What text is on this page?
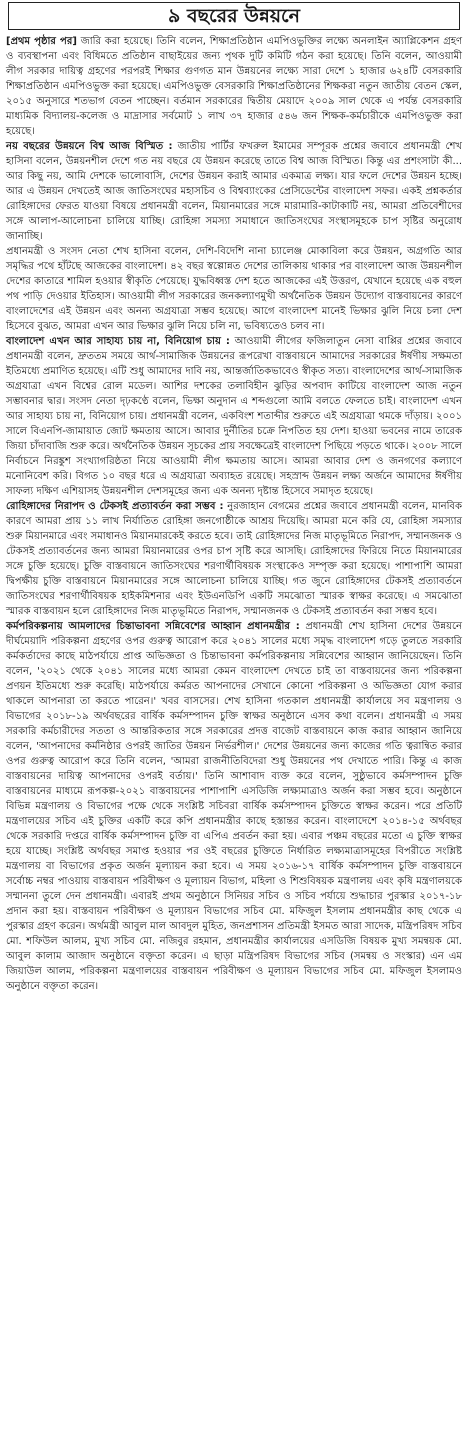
৯ বছরের উন্নয়নে

[প্রথম পৃষ্ঠার পর] জারি করা হয়েছে। তিনি বলেন, শিক্ষাপ্রতিষ্ঠান এমপিওভুক্তির লক্ষ্যে অনলাইন অ্যাপ্লিকেশন গ্রহণ ও ব্যবস্থাপনা এবং বিধিমতে প্রতিষ্ঠান বাছাইয়ের জন্য পৃথক দুটি কমিটি গঠন করা হয়েছে। তিনি বলেন, আওয়ামী লীগ সরকার দায়িত্ব গ্রহণের পরপরই শিক্ষার গুণগত মান উন্নয়নের লক্ষ্যে সারা দেশে ১ হাজার ৬২৪টি বেসরকারি শিক্ষাপ্রতিষ্ঠান এমপিওভুক্ত করা হয়েছে। এমপিওভুক্ত বেসরকারি শিক্ষাপ্রতিষ্ঠানের শিক্ষকরা নতুন জাতীয় বেতন স্কেল, ২০১৫ অনুসারে শতভাগ বেতন পাচ্ছেন। বর্তমান সরকারের দ্বিতীয় মেয়াদে ২০০৯ সাল থেকে এ পর্যন্ত বেসরকারি মাধ্যমিক বিদ্যালয়-কলেজ ও মাদ্রাসার সর্বমোট ১ লাখ ৩৭ হাজার ৫৪৬ জন শিক্ষক-কর্মচারীকে এমপিওভুক্ত করা হয়েছে।

নয় বছরের উন্নয়নে বিশ্ব আজ বিস্মিত : জাতীয় পার্টির ফখরুল ইমামের সম্পূরক প্রশ্নের জবাবে প্রধানমন্ত্রী শেখ হাসিনা বলেন, উন্নয়নশীল দেশে গত নয় বছরে যে উন্নয়ন করেছে তাতে বিশ্ব আজ বিস্মিত। কিন্তু এর প্রশংসাটা কী... আর কিছু নয়, আমি দেশকে ভালোবাসি, দেশের উন্নয়ন করাই আমার একমাত্র লক্ষ্য। যার ফলে দেশের উন্নয়ন হচ্ছে। আর এ উন্নয়ন দেখতেই আজ জাতিসংঘের মহাসচিব ও বিশ্বব্যাংকের প্রেসিডেন্টের বাংলাদেশ সফর। একই প্রশ্নকর্তার রোহিঙ্গাদের ফেরত যাওয়া বিষয়ে প্রধানমন্ত্রী বলেন, মিয়ানমারের সঙ্গে মারামারি-কাটাকাটি নয়, আমরা প্রতিবেশীদের সঙ্গে আলাপ-আলোচনা চালিয়ে যাচ্ছি। রোহিঙ্গা সমস্যা সমাধানে জাতিসংঘের সংস্থাসমূহকে চাপ সৃষ্টির অনুরোধ জানাচ্ছি।

প্রধানমন্ত্রী ও সংসদ নেতা শেখ হাসিনা বলেন, দেশি-বিদেশি নানা চ্যালেঞ্জ মোকাবিলা করে উন্নয়ন, অগ্রগতি আর সমৃদ্ধির পথে হাঁটছে আজকের বাংলাদেশ। ৪২ বছর স্বল্পোন্নত দেশের তালিকায় থাকার পর বাংলাদেশ আজ উন্নয়নশীল দেশের কাতারে শামিল হওয়ার স্বীকৃতি পেয়েছে। যুদ্ধবিধ্বস্ত দেশ হতে আজকের এই উত্তরণ, যেখানে হয়েছে এক বহুল পথ পাড়ি দেওয়ার ইতিহাস। আওয়ামী লীগ সরকারের জনকল্যাণমুখী অর্থনৈতিক উন্নয়ন উদ্যোগ বাস্তবায়নের কারণে বাংলাদেশের এই উন্নয়ন এবং অনন্য অগ্রযাত্রা সম্ভব হয়েছে। আগে বাংলাদেশ মানেই ভিক্ষার ঝুলি নিয়ে চলা দেশ হিসেবে বুঝত, আমরা এখন আর ভিক্ষার ঝুলি নিয়ে চলি না, ভবিষ্যতেও চলব না।

বাংলাদেশ এখন আর সাহায্য চায় না, বিনিয়োগ চায় : আওয়ামী লীগের ফজিলাতুন নেসা বাপ্পির প্রশ্নের জবাবে প্রধানমন্ত্রী বলেন, দ্রুততম সময়ে আর্থ-সামাজিক উন্নয়নের রূপরেখা বাস্তবায়নে আমাদের সরকারের ঈর্ষণীয় সক্ষমতা ইতিমধ্যে প্রমাণিত হয়েছে। এটি শুধু আমাদের দাবি নয়, আন্তর্জাতিকভাবেও স্বীকৃত সত্য। বাংলাদেশের আর্থ-সামাজিক অগ্রযাত্রা এখন বিশ্বের রোল মডেল। আশির দশকের তলাবিহীন ঝুড়ির অপবাদ কাটিয়ে বাংলাদেশ আজ নতুন সম্ভাবনার দ্বার। সংসদ নেতা দৃঢ়কণ্ঠে বলেন, ভিক্ষা অনুদান এ শব্দগুলো আমি বলতে ফেলতে চাই। বাংলাদেশ এখন আর সাহায্য চায় না, বিনিয়োগ চায়। প্রধানমন্ত্রী বলেন, একবিংশ শতাব্দীর শুরুতে এই অগ্রযাত্রা থমকে দাঁড়ায়। ২০০১ সালে বিএনপি-জামায়াত জোট ক্ষমতায় আসে। আবার দুর্নীতির চক্রে নিপতিত হয় দেশ। হাওয়া ভবনের নামে তারেক জিয়া চাঁদাবাজি শুরু করে। অর্থনৈতিক উন্নয়ন সূচকের প্রায় সবক্ষেত্রেই বাংলাদেশ পিছিয়ে পড়তে থাকে। ২০০৮ সালে নির্বাচনে নিরঙ্কুশ সংখ্যাগরিষ্ঠতা নিয়ে আওয়ামী লীগ ক্ষমতায় আসে। আমরা আবার দেশ ও জনগণের কল্যাণে মনোনিবেশ করি। বিগত ১০ বছর ধরে এ অগ্রযাত্রা অব্যাহত রয়েছে। সহস্রাব্দ উন্নয়ন লক্ষ্য অর্জনে আমাদের ঈর্ষণীয় সাফল্য দক্ষিণ এশিয়াসহ উন্নয়নশীল দেশসমূহের জন্য এক অনন্য দৃষ্টান্ত হিসেবে সমাদৃত হয়েছে।

রোহিঙ্গাদের নিরাপদ ও টেকসই প্রত্যাবর্তন করা সম্ভব : নুরজাহান বেগমের প্রশ্নের জবাবে প্রধানমন্ত্রী বলেন, মানবিক কারণে আমরা প্রায় ১১ লাখ নির্যাতিত রোহিঙ্গা জনগোষ্ঠীকে আশ্রয় দিয়েছি। আমরা মনে করি যে, রোহিঙ্গা সমস্যার শুরু মিয়ানমারে এবং সমাধানও মিয়ানমারকেই করতে হবে। তাই রোহিঙ্গাদের নিজ মাতৃভূমিতে নিরাপদ, সম্মানজনক ও টেকসই প্রত্যাবর্তনের জন্য আমরা মিয়ানমারের ওপর চাপ সৃষ্টি করে আসছি। রোহিঙ্গাদের ফিরিয়ে নিতে মিয়ানমারের সঙ্গে চুক্তি হয়েছে। চুক্তি বাস্তবায়নে জাতিসংঘের শরণার্থীবিষয়ক সংস্থাকেও সম্পৃক্ত করা হয়েছে। পাশাপাশি আমরা দ্বিপক্ষীয় চুক্তি বাস্তবায়নে মিয়ানমারের সঙ্গে আলোচনা চালিয়ে যাচ্ছি। গত জুনে রোহিঙ্গাদের টেকসই প্রত্যাবর্তনে জাতিসংঘের শরণার্থীবিষয়ক হাইকমিশনার এবং ইউএনডিপি একটি সমঝোতা স্মারক স্বাক্ষর করেছে। এ সমঝোতা স্মারক বাস্তবায়ন হলে রোহিঙ্গাদের নিজ মাতৃভূমিতে নিরাপদ, সম্মানজনক ও টেকসই প্রত্যাবর্তন করা সম্ভব হবে।

কর্মপরিকল্পনায় আমলাদের চিন্তাভাবনা সন্নিবেশের আহ্বান প্রধানমন্ত্রীর : প্রধানমন্ত্রী শেখ হাসিনা দেশের উন্নয়নে দীর্ঘমেয়াদি পরিকল্পনা গ্রহণের ওপর গুরুত্ব আরোপ করে ২০৪১ সালের মধ্যে সমৃদ্ধ বাংলাদেশ গড়ে তুলতে সরকারি কর্মকর্তাদের কাছে মাঠপর্যায়ে প্রাপ্ত অভিজ্ঞতা ও চিন্তাভাবনা কর্মপরিকল্পনায় সন্নিবেশের আহ্বান জানিয়েছেন। তিনি বলেন, '২০২১ থেকে ২০৪১ সালের মধ্যে আমরা কেমন বাংলাদেশ দেখতে চাই তা বাস্তবায়নের জন্য পরিকল্পনা প্রণয়ন ইতিমধ্যে শুরু করেছি। মাঠপর্যায়ে কর্মরত আপনাদের সেখানে কোনো পরিকল্পনা ও অভিজ্ঞতা যোগ করার থাকলে আপনারা তা করতে পারেন।' খবর বাসসের। শেখ হাসিনা গতকাল প্রধানমন্ত্রী কার্যালয়ে সব মন্ত্রণালয় ও বিভাগের ২০১৮-১৯ অর্থবছরের বার্ষিক কর্মসম্পাদন চুক্তি স্বাক্ষর অনুষ্ঠানে এসব কথা বলেন। প্রধানমন্ত্রী এ সময় সরকারি কর্মচারীদের সততা ও আন্তরিকতার সঙ্গে সরকারের প্রদত্ত বাজেট বাস্তবায়নে কাজ করার আহ্বান জানিয়ে বলেন, 'আপনাদের কর্মনিষ্ঠার ওপরই জাতির উন্নয়ন নির্ভরশীল।' দেশের উন্নয়নের জন্য কাজের গতি ত্বরান্বিত করার ওপর গুরুত্ব আরোপ করে তিনি বলেন, 'আমরা রাজনীতিবিদেরা শুধু উন্নয়নের পথ দেখাতে পারি। কিন্তু এ কাজ বাস্তবায়নের দায়িত্ব আপনাদের ওপরই বর্তায়।' তিনি আশাবাদ ব্যক্ত করে বলেন, সুষ্ঠুভাবে কর্মসম্পাদন চুক্তি বাস্তবায়নের মাধ্যমে রূপকল্প-২০২১ বাস্তবায়নের পাশাপাশি এসডিজি লক্ষ্যমাত্রাও অর্জন করা সম্ভব হবে। অনুষ্ঠানে বিভিন্ন মন্ত্রণালয় ও বিভাগের পক্ষে থেকে সংশ্লিষ্ট সচিবরা বার্ষিক কর্মসম্পাদন চুক্তিতে স্বাক্ষর করেন। পরে প্রতিটি মন্ত্রণালয়ের সচিব এই চুক্তির একটি করে কপি প্রধানমন্ত্রীর কাছে হস্তান্তর করেন। বাংলাদেশে ২০১৪-১৫ অর্থবছর থেকে সরকারি দপ্তরে বার্ষিক কর্মসম্পাদন চুক্তি বা এপিএ প্রবর্তন করা হয়। এবার পঞ্চম বছরের মতো এ চুক্তি স্বাক্ষর হয়ে যাচ্ছে। সংশ্লিষ্ট অর্থবছর সমাপ্ত হওয়ার পর ওই বছরের চুক্তিতে নির্ধারিত লক্ষ্যমাত্রাসমূহের বিপরীতে সংশ্লিষ্ট মন্ত্রণালয় বা বিভাগের প্রকৃত অর্জন মূল্যায়ন করা হবে। এ সময় ২০১৬-১৭ বার্ষিক কর্মসম্পাদন চুক্তি বাস্তবায়নে সর্বোচ্চ নম্বর পাওয়ায় বাস্তবায়ন পরিবীক্ষণ ও মূল্যায়ন বিভাগ, মহিলা ও শিশুবিষয়ক মন্ত্রণালয় এবং কৃষি মন্ত্রণালয়কে সম্মাননা তুলে দেন প্রধানমন্ত্রী। এবারই প্রথম অনুষ্ঠানে সিনিয়র সচিব ও সচিব পর্যায়ে শুদ্ধাচার পুরস্কার ২০১৭-১৮ প্রদান করা হয়। বাস্তবায়ন পরিবীক্ষণ ও মূল্যায়ন বিভাগের সচিব মো. মফিজুল ইসলাম প্রধানমন্ত্রীর কাছ থেকে এ পুরস্কার গ্রহণ করেন। অর্থমন্ত্রী আবুল মাল আবদুল মুহিত, জনপ্রশাসন প্রতিমন্ত্রী ইসমত আরা সাদেক, মন্ত্রিপরিষদ সচিব মো. শফিউল আলম, মুখ্য সচিব মো. নজিবুর রহমান, প্রধানমন্ত্রীর কার্যালয়ের এসডিজি বিষয়ক মুখ্য সমন্বয়ক মো. আবুল কালাম আজাদ অনুষ্ঠানে বক্তৃতা করেন। এ ছাড়া মন্ত্রিপরিষদ বিভাগের সচিব (সমন্বয় ও সংস্কার) এন এম জিয়াউল আলম, পরিকল্পনা মন্ত্রণালয়ের বাস্তবায়ন পরিবীক্ষণ ও মূল্যায়ন বিভাগের সচিব মো. মফিজুল ইসলামও অনুষ্ঠানে বক্তৃতা করেন।
